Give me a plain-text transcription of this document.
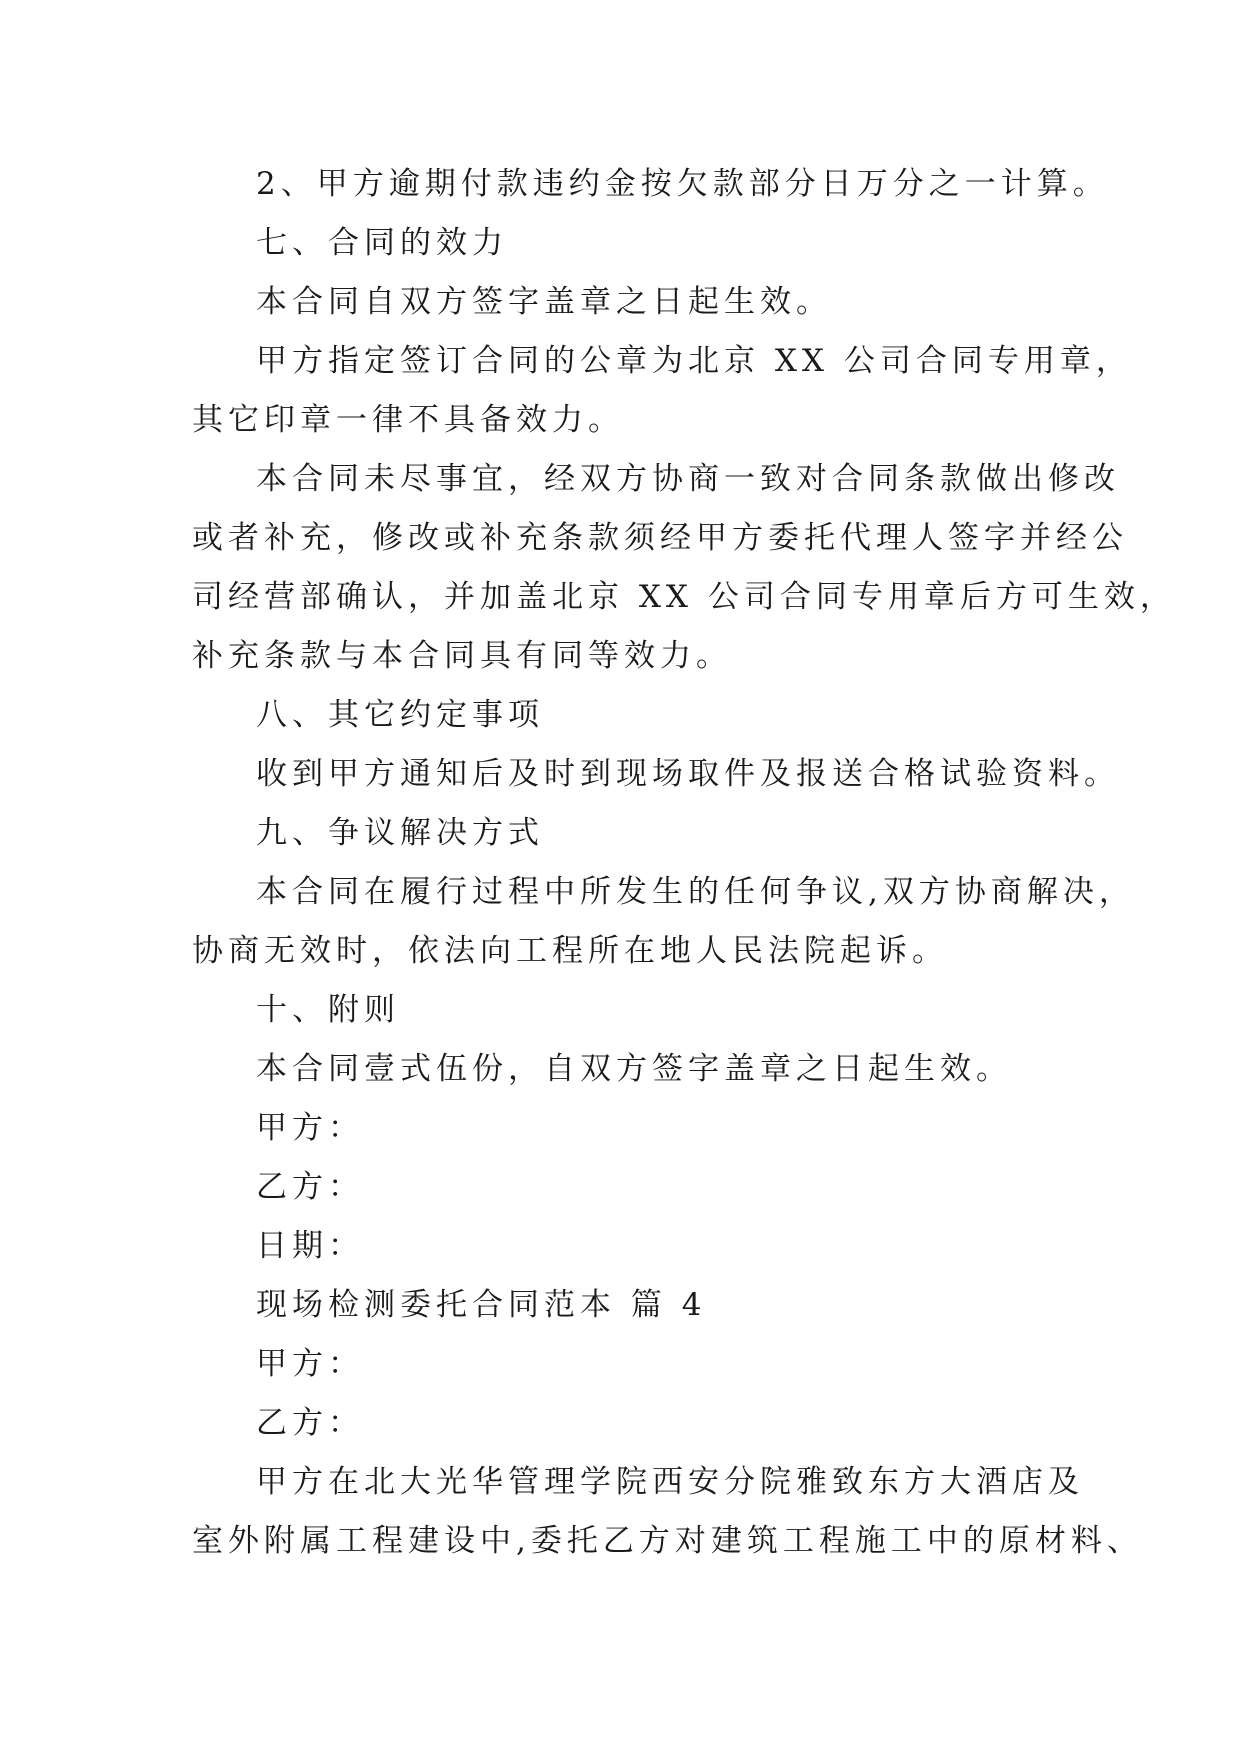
2、甲方逾期付款违约金按欠款部分日万分之一计算。
七、合同的效力
本合同自双方签字盖章之日起生效。
甲方指定签订合同的公章为北京 XX 公司合同专用章，
其它印章一律不具备效力。
本合同未尽事宜，经双方协商一致对合同条款做出修改
或者补充，修改或补充条款须经甲方委托代理人签字并经公
司经营部确认，并加盖北京 XX 公司合同专用章后方可生效，
补充条款与本合同具有同等效力。
八、其它约定事项
收到甲方通知后及时到现场取件及报送合格试验资料。
九、争议解决方式
本合同在履行过程中所发生的任何争议,双方协商解决，
协商无效时，依法向工程所在地人民法院起诉。
十、附则
本合同壹式伍份，自双方签字盖章之日起生效。
甲方：
乙方：
日期：
现场检测委托合同范本 篇 4
甲方：
乙方：
甲方在北大光华管理学院西安分院雅致东方大酒店及
室外附属工程建设中,委托乙方对建筑工程施工中的原材料、
